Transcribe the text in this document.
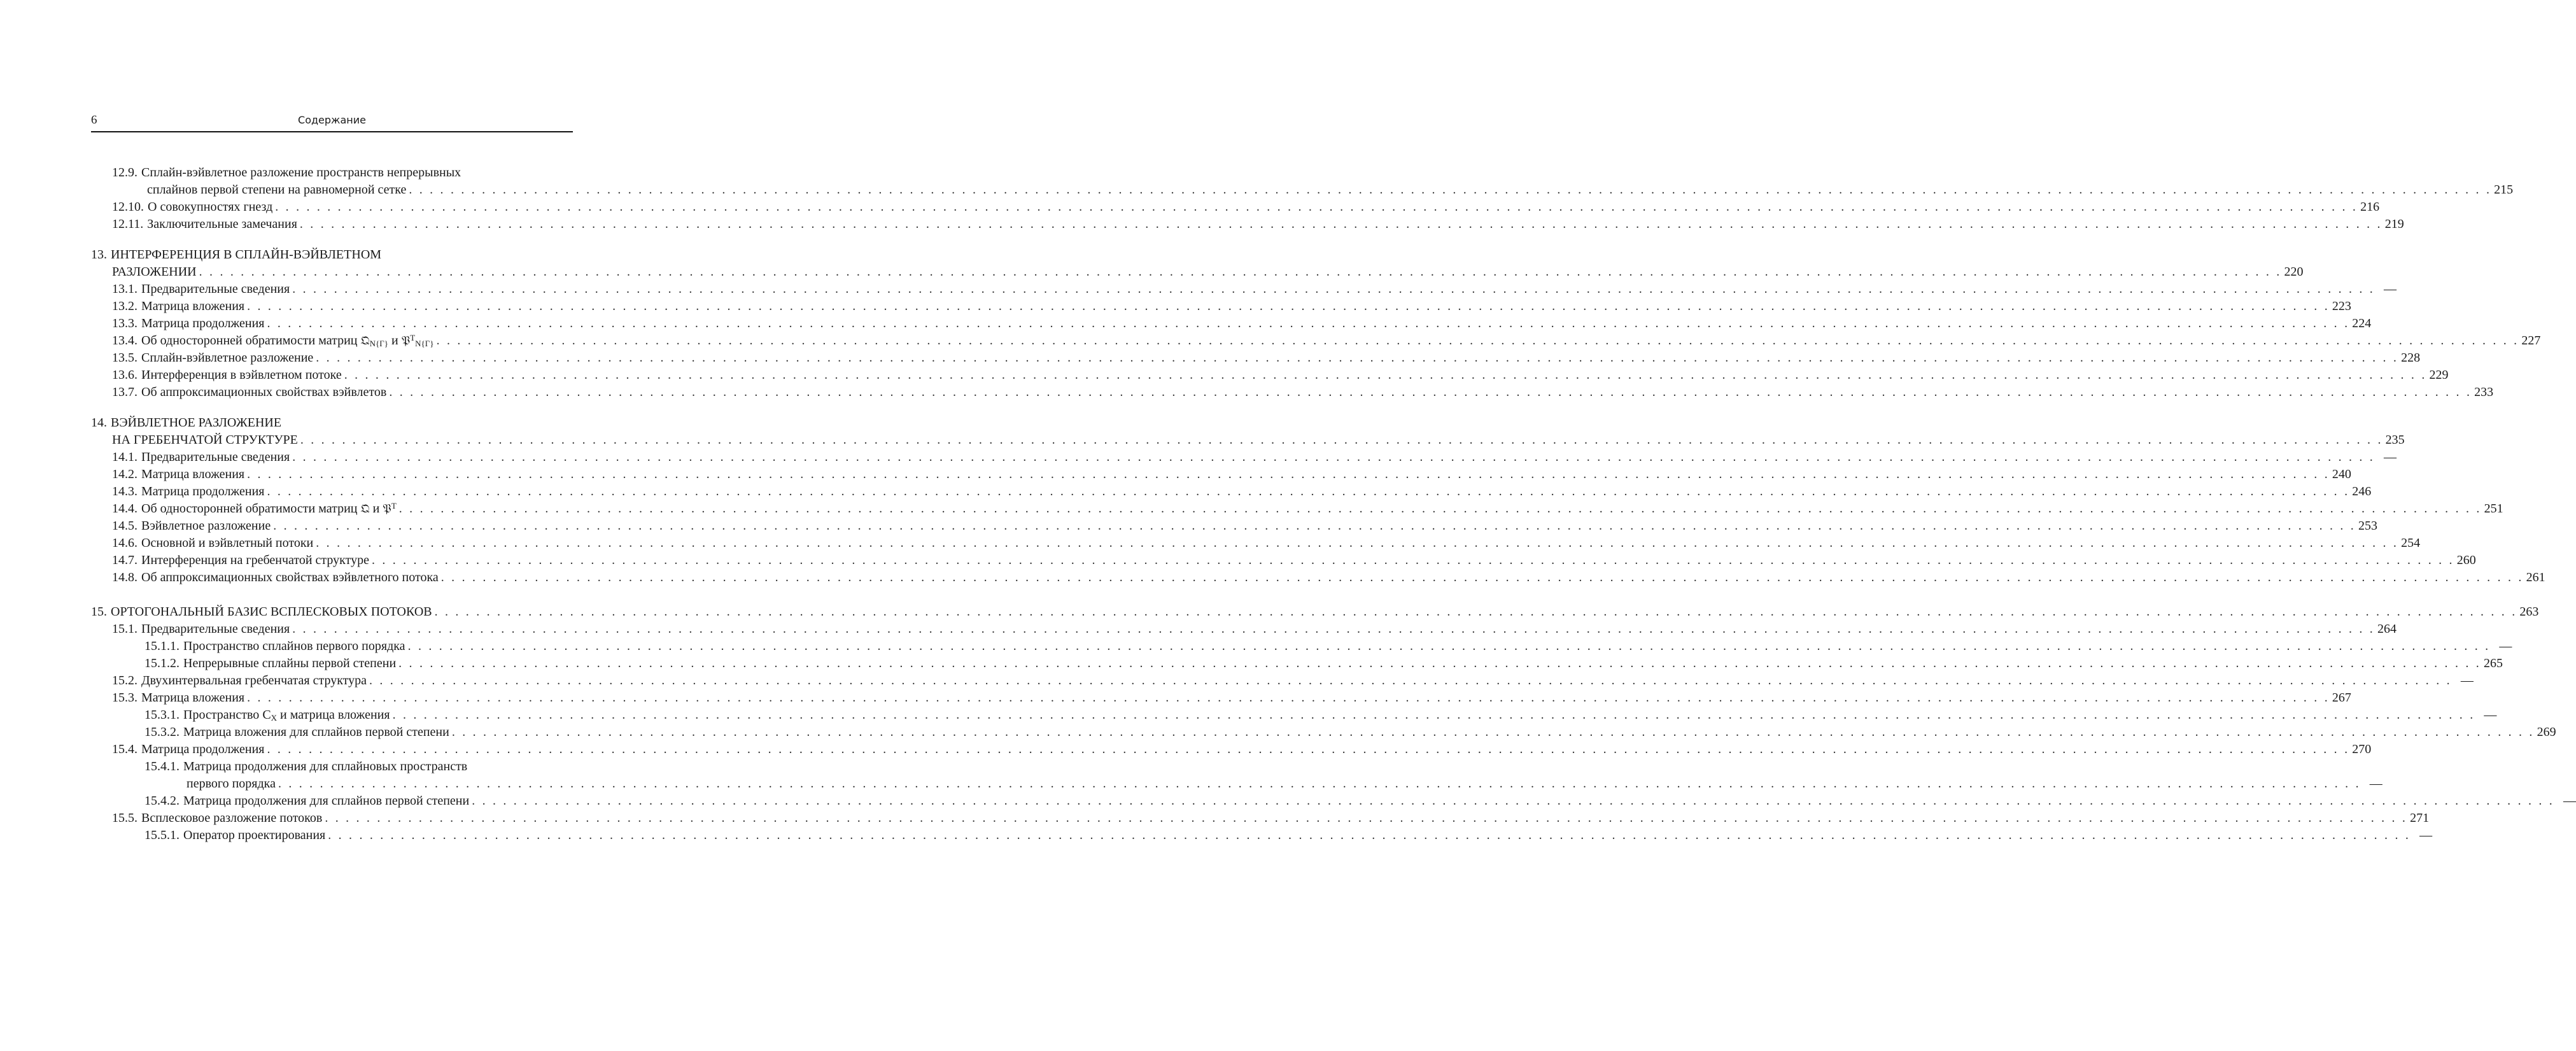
6	Содержание
12.9. Сплайн-вэйвлетное разложение пространств непрерывных
сплайнов первой степени на равномерной сетке . . . . . . . . . . . . . . . . . . . . . . . . . . . . . . . . . . . . . . . . . . . . . . . . . . . . . . . . . . . . . . . . . . . . . . . . . . . . . . . . . . . . . . . . . . . . . . . . . . . . . . . . . . . . . . . . . . . . . . . . . . . . . . . . . . . . . . . . . . . . . . . . . . . . . . . . . . . . . . . . . . . . . . . . . . . . . . . . . . . . . . . . . . . . . . . . . . . . . . . . 215
12.10. О совокупностях гнезд . . . . . . . . . . . . . . . . . . . . . . . . . . . . . . . . . . . . . . . . . . . . . . . . . . . . . . . . . . . . . . . . . . . . . . . . . . . . . . . . . . . . . . . . . . . . . . . . . . . . . . . . . . . . . . . . . . . . . . . . . . . . . . . . . . . . . . . . . . . . . . . . . . . . . . . . . . . . . . . . . . . . . . . . . . . . . . . . . . . . . . . . . . . . . . . . . . . . . . . . 216
12.11. Заключительные замечания . . . . . . . . . . . . . . . . . . . . . . . . . . . . . . . . . . . . . . . . . . . . . . . . . . . . . . . . . . . . . . . . . . . . . . . . . . . . . . . . . . . . . . . . . . . . . . . . . . . . . . . . . . . . . . . . . . . . . . . . . . . . . . . . . . . . . . . . . . . . . . . . . . . . . . . . . . . . . . . . . . . . . . . . . . . . . . . . . . . . . . . . . . . . . . . . . . . . . . . . 219
13. ИНТЕРФЕРЕНЦИЯ В СПЛАЙН-ВЭЙВЛЕТНОМ
РАЗЛОЖЕНИИ . . . . . . . . . . . . . . . . . . . . . . . . . . . . . . . . . . . . . . . . . . . . . . . . . . . . . . . . . . . . . . . . . . . . . . . . . . . . . . . . . . . . . . . . . . . . . . . . . . . . . . . . . . . . . . . . . . . . . . . . . . . . . . . . . . . . . . . . . . . . . . . . . . . . . . . . . . . . . . . . . . . . . . . . . . . . . . . . . . . . . . . . . . . . . . . . . . . . . . . . 220
13.1. Предварительные сведения . . . . . . . . . . . . . . . . . . . . . . . . . . . . . . . . . . . . . . . . . . . . . . . . . . . . . . . . . . . . . . . . . . . . . . . . . . . . . . . . . . . . . . . . . . . . . . . . . . . . . . . . . . . . . . . . . . . . . . . . . . . . . . . . . . . . . . . . . . . . . . . . . . . . . . . . . . . . . . . . . . . . . . . . . . . . . . . . . . . . . . . . . . . . . . . . . . . . . . . . —
13.2. Матрица вложения . . . . . . . . . . . . . . . . . . . . . . . . . . . . . . . . . . . . . . . . . . . . . . . . . . . . . . . . . . . . . . . . . . . . . . . . . . . . . . . . . . . . . . . . . . . . . . . . . . . . . . . . . . . . . . . . . . . . . . . . . . . . . . . . . . . . . . . . . . . . . . . . . . . . . . . . . . . . . . . . . . . . . . . . . . . . . . . . . . . . . . . . . . . . . . . . . . . . . . . . 223
13.3. Матрица продолжения . . . . . . . . . . . . . . . . . . . . . . . . . . . . . . . . . . . . . . . . . . . . . . . . . . . . . . . . . . . . . . . . . . . . . . . . . . . . . . . . . . . . . . . . . . . . . . . . . . . . . . . . . . . . . . . . . . . . . . . . . . . . . . . . . . . . . . . . . . . . . . . . . . . . . . . . . . . . . . . . . . . . . . . . . . . . . . . . . . . . . . . . . . . . . . . . . . . . . . . . 224
13.4. Об односторонней обратимости матриц 𝔔N{Γ} и 𝔓TN{Γ} . . . . . . . . . . . . . . . . . . . . . . . . . . . . . . . . . . . . . . . . . . . . . . . . . . . . . . . . . . . . . . . . . . . . . . . . . . . . . . . . . . . . . . . . . . . . . . . . . . . . . . . . . . . . . . . . . . . . . . . . . . . . . . . . . . . . . . . . . . . . . . . . . . . . . . . . . . . . . . . . . . . . . . . . . . . . . . . . . . . . . . . . . . . . . . . . . . . . . . . . 227
13.5. Сплайн-вэйвлетное разложение . . . . . . . . . . . . . . . . . . . . . . . . . . . . . . . . . . . . . . . . . . . . . . . . . . . . . . . . . . . . . . . . . . . . . . . . . . . . . . . . . . . . . . . . . . . . . . . . . . . . . . . . . . . . . . . . . . . . . . . . . . . . . . . . . . . . . . . . . . . . . . . . . . . . . . . . . . . . . . . . . . . . . . . . . . . . . . . . . . . . . . . . . . . . . . . . . . . . . . . . 228
13.6. Интерференция в вэйвлетном потоке . . . . . . . . . . . . . . . . . . . . . . . . . . . . . . . . . . . . . . . . . . . . . . . . . . . . . . . . . . . . . . . . . . . . . . . . . . . . . . . . . . . . . . . . . . . . . . . . . . . . . . . . . . . . . . . . . . . . . . . . . . . . . . . . . . . . . . . . . . . . . . . . . . . . . . . . . . . . . . . . . . . . . . . . . . . . . . . . . . . . . . . . . . . . . . . . . . . . . . . . 229
13.7. Об аппроксимационных свойствах вэйвлетов . . . . . . . . . . . . . . . . . . . . . . . . . . . . . . . . . . . . . . . . . . . . . . . . . . . . . . . . . . . . . . . . . . . . . . . . . . . . . . . . . . . . . . . . . . . . . . . . . . . . . . . . . . . . . . . . . . . . . . . . . . . . . . . . . . . . . . . . . . . . . . . . . . . . . . . . . . . . . . . . . . . . . . . . . . . . . . . . . . . . . . . . . . . . . . . . . . . . . . . . 233
14. ВЭЙВЛЕТНОЕ РАЗЛОЖЕНИЕ
НА ГРЕБЕНЧАТОЙ СТРУКТУРЕ . . . . . . . . . . . . . . . . . . . . . . . . . . . . . . . . . . . . . . . . . . . . . . . . . . . . . . . . . . . . . . . . . . . . . . . . . . . . . . . . . . . . . . . . . . . . . . . . . . . . . . . . . . . . . . . . . . . . . . . . . . . . . . . . . . . . . . . . . . . . . . . . . . . . . . . . . . . . . . . . . . . . . . . . . . . . . . . . . . . . . . . . . . . . . . . . . . . . . . . . 235
14.1. Предварительные сведения . . . . . . . . . . . . . . . . . . . . . . . . . . . . . . . . . . . . . . . . . . . . . . . . . . . . . . . . . . . . . . . . . . . . . . . . . . . . . . . . . . . . . . . . . . . . . . . . . . . . . . . . . . . . . . . . . . . . . . . . . . . . . . . . . . . . . . . . . . . . . . . . . . . . . . . . . . . . . . . . . . . . . . . . . . . . . . . . . . . . . . . . . . . . . . . . . . . . . . . . —
14.2. Матрица вложения . . . . . . . . . . . . . . . . . . . . . . . . . . . . . . . . . . . . . . . . . . . . . . . . . . . . . . . . . . . . . . . . . . . . . . . . . . . . . . . . . . . . . . . . . . . . . . . . . . . . . . . . . . . . . . . . . . . . . . . . . . . . . . . . . . . . . . . . . . . . . . . . . . . . . . . . . . . . . . . . . . . . . . . . . . . . . . . . . . . . . . . . . . . . . . . . . . . . . . . . 240
14.3. Матрица продолжения . . . . . . . . . . . . . . . . . . . . . . . . . . . . . . . . . . . . . . . . . . . . . . . . . . . . . . . . . . . . . . . . . . . . . . . . . . . . . . . . . . . . . . . . . . . . . . . . . . . . . . . . . . . . . . . . . . . . . . . . . . . . . . . . . . . . . . . . . . . . . . . . . . . . . . . . . . . . . . . . . . . . . . . . . . . . . . . . . . . . . . . . . . . . . . . . . . . . . . . . 246
14.4. Об односторонней обратимости матриц 𝔔 и 𝔓T . . . . . . . . . . . . . . . . . . . . . . . . . . . . . . . . . . . . . . . . . . . . . . . . . . . . . . . . . . . . . . . . . . . . . . . . . . . . . . . . . . . . . . . . . . . . . . . . . . . . . . . . . . . . . . . . . . . . . . . . . . . . . . . . . . . . . . . . . . . . . . . . . . . . . . . . . . . . . . . . . . . . . . . . . . . . . . . . . . . . . . . . . . . . . . . . . . . . . . . . 251
14.5. Вэйвлетное разложение . . . . . . . . . . . . . . . . . . . . . . . . . . . . . . . . . . . . . . . . . . . . . . . . . . . . . . . . . . . . . . . . . . . . . . . . . . . . . . . . . . . . . . . . . . . . . . . . . . . . . . . . . . . . . . . . . . . . . . . . . . . . . . . . . . . . . . . . . . . . . . . . . . . . . . . . . . . . . . . . . . . . . . . . . . . . . . . . . . . . . . . . . . . . . . . . . . . . . . . . 253
14.6. Основной и вэйвлетный потоки . . . . . . . . . . . . . . . . . . . . . . . . . . . . . . . . . . . . . . . . . . . . . . . . . . . . . . . . . . . . . . . . . . . . . . . . . . . . . . . . . . . . . . . . . . . . . . . . . . . . . . . . . . . . . . . . . . . . . . . . . . . . . . . . . . . . . . . . . . . . . . . . . . . . . . . . . . . . . . . . . . . . . . . . . . . . . . . . . . . . . . . . . . . . . . . . . . . . . . . . 254
14.7. Интерференция на гребенчатой структуре . . . . . . . . . . . . . . . . . . . . . . . . . . . . . . . . . . . . . . . . . . . . . . . . . . . . . . . . . . . . . . . . . . . . . . . . . . . . . . . . . . . . . . . . . . . . . . . . . . . . . . . . . . . . . . . . . . . . . . . . . . . . . . . . . . . . . . . . . . . . . . . . . . . . . . . . . . . . . . . . . . . . . . . . . . . . . . . . . . . . . . . . . . . . . . . . . . . . . . . . 260
14.8. Об аппроксимационных свойствах вэйвлетного потока . . . . . . . . . . . . . . . . . . . . . . . . . . . . . . . . . . . . . . . . . . . . . . . . . . . . . . . . . . . . . . . . . . . . . . . . . . . . . . . . . . . . . . . . . . . . . . . . . . . . . . . . . . . . . . . . . . . . . . . . . . . . . . . . . . . . . . . . . . . . . . . . . . . . . . . . . . . . . . . . . . . . . . . . . . . . . . . . . . . . . . . . . . . . . . . . . . . . . . . . 261
15. ОРТОГОНАЛЬНЫЙ БАЗИС ВСПЛЕСКОВЫХ ПОТОКОВ . . . . . . . . . . . . . . . . . . . . . . . . . . . . . . . . . . . . . . . . . . . . . . . . . . . . . . . . . . . . . . . . . . . . . . . . . . . . . . . . . . . . . . . . . . . . . . . . . . . . . . . . . . . . . . . . . . . . . . . . . . . . . . . . . . . . . . . . . . . . . . . . . . . . . . . . . . . . . . . . . . . . . . . . . . . . . . . . . . . . . . . . . . . . . . . . . . . . . . . . 263
15.1. Предварительные сведения . . . . . . . . . . . . . . . . . . . . . . . . . . . . . . . . . . . . . . . . . . . . . . . . . . . . . . . . . . . . . . . . . . . . . . . . . . . . . . . . . . . . . . . . . . . . . . . . . . . . . . . . . . . . . . . . . . . . . . . . . . . . . . . . . . . . . . . . . . . . . . . . . . . . . . . . . . . . . . . . . . . . . . . . . . . . . . . . . . . . . . . . . . . . . . . . . . . . . . . . 264
15.1.1. Пространство сплайнов первого порядка . . . . . . . . . . . . . . . . . . . . . . . . . . . . . . . . . . . . . . . . . . . . . . . . . . . . . . . . . . . . . . . . . . . . . . . . . . . . . . . . . . . . . . . . . . . . . . . . . . . . . . . . . . . . . . . . . . . . . . . . . . . . . . . . . . . . . . . . . . . . . . . . . . . . . . . . . . . . . . . . . . . . . . . . . . . . . . . . . . . . . . . . . . . . . . . . . . . . . . . . —
15.1.2. Непрерывные сплайны первой степени . . . . . . . . . . . . . . . . . . . . . . . . . . . . . . . . . . . . . . . . . . . . . . . . . . . . . . . . . . . . . . . . . . . . . . . . . . . . . . . . . . . . . . . . . . . . . . . . . . . . . . . . . . . . . . . . . . . . . . . . . . . . . . . . . . . . . . . . . . . . . . . . . . . . . . . . . . . . . . . . . . . . . . . . . . . . . . . . . . . . . . . . . . . . . . . . . . . . . . . . 265
15.2. Двухинтервальная гребенчатая структура . . . . . . . . . . . . . . . . . . . . . . . . . . . . . . . . . . . . . . . . . . . . . . . . . . . . . . . . . . . . . . . . . . . . . . . . . . . . . . . . . . . . . . . . . . . . . . . . . . . . . . . . . . . . . . . . . . . . . . . . . . . . . . . . . . . . . . . . . . . . . . . . . . . . . . . . . . . . . . . . . . . . . . . . . . . . . . . . . . . . . . . . . . . . . . . . . . . . . . . . —
15.3. Матрица вложения . . . . . . . . . . . . . . . . . . . . . . . . . . . . . . . . . . . . . . . . . . . . . . . . . . . . . . . . . . . . . . . . . . . . . . . . . . . . . . . . . . . . . . . . . . . . . . . . . . . . . . . . . . . . . . . . . . . . . . . . . . . . . . . . . . . . . . . . . . . . . . . . . . . . . . . . . . . . . . . . . . . . . . . . . . . . . . . . . . . . . . . . . . . . . . . . . . . . . . . . 267
15.3.1. Пространство CX и матрица вложения . . . . . . . . . . . . . . . . . . . . . . . . . . . . . . . . . . . . . . . . . . . . . . . . . . . . . . . . . . . . . . . . . . . . . . . . . . . . . . . . . . . . . . . . . . . . . . . . . . . . . . . . . . . . . . . . . . . . . . . . . . . . . . . . . . . . . . . . . . . . . . . . . . . . . . . . . . . . . . . . . . . . . . . . . . . . . . . . . . . . . . . . . . . . . . . . . . . . . . . . —
15.3.2. Матрица вложения для сплайнов первой степени . . . . . . . . . . . . . . . . . . . . . . . . . . . . . . . . . . . . . . . . . . . . . . . . . . . . . . . . . . . . . . . . . . . . . . . . . . . . . . . . . . . . . . . . . . . . . . . . . . . . . . . . . . . . . . . . . . . . . . . . . . . . . . . . . . . . . . . . . . . . . . . . . . . . . . . . . . . . . . . . . . . . . . . . . . . . . . . . . . . . . . . . . . . . . . . . . . . . . . . . 269
15.4. Матрица продолжения . . . . . . . . . . . . . . . . . . . . . . . . . . . . . . . . . . . . . . . . . . . . . . . . . . . . . . . . . . . . . . . . . . . . . . . . . . . . . . . . . . . . . . . . . . . . . . . . . . . . . . . . . . . . . . . . . . . . . . . . . . . . . . . . . . . . . . . . . . . . . . . . . . . . . . . . . . . . . . . . . . . . . . . . . . . . . . . . . . . . . . . . . . . . . . . . . . . . . . . . 270
15.4.1. Матрица продолжения для сплайновых пространств
первого порядка . . . . . . . . . . . . . . . . . . . . . . . . . . . . . . . . . . . . . . . . . . . . . . . . . . . . . . . . . . . . . . . . . . . . . . . . . . . . . . . . . . . . . . . . . . . . . . . . . . . . . . . . . . . . . . . . . . . . . . . . . . . . . . . . . . . . . . . . . . . . . . . . . . . . . . . . . . . . . . . . . . . . . . . . . . . . . . . . . . . . . . . . . . . . . . . . . . . . . . . . —
15.4.2. Матрица продолжения для сплайнов первой степени . . . . . . . . . . . . . . . . . . . . . . . . . . . . . . . . . . . . . . . . . . . . . . . . . . . . . . . . . . . . . . . . . . . . . . . . . . . . . . . . . . . . . . . . . . . . . . . . . . . . . . . . . . . . . . . . . . . . . . . . . . . . . . . . . . . . . . . . . . . . . . . . . . . . . . . . . . . . . . . . . . . . . . . . . . . . . . . . . . . . . . . . . . . . . . . . . . . . . . . . —
15.5. Всплесковое разложение потоков . . . . . . . . . . . . . . . . . . . . . . . . . . . . . . . . . . . . . . . . . . . . . . . . . . . . . . . . . . . . . . . . . . . . . . . . . . . . . . . . . . . . . . . . . . . . . . . . . . . . . . . . . . . . . . . . . . . . . . . . . . . . . . . . . . . . . . . . . . . . . . . . . . . . . . . . . . . . . . . . . . . . . . . . . . . . . . . . . . . . . . . . . . . . . . . . . . . . . . . . 271
15.5.1. Оператор проектирования . . . . . . . . . . . . . . . . . . . . . . . . . . . . . . . . . . . . . . . . . . . . . . . . . . . . . . . . . . . . . . . . . . . . . . . . . . . . . . . . . . . . . . . . . . . . . . . . . . . . . . . . . . . . . . . . . . . . . . . . . . . . . . . . . . . . . . . . . . . . . . . . . . . . . . . . . . . . . . . . . . . . . . . . . . . . . . . . . . . . . . . . . . . . . . . . . . . . . . . . —
